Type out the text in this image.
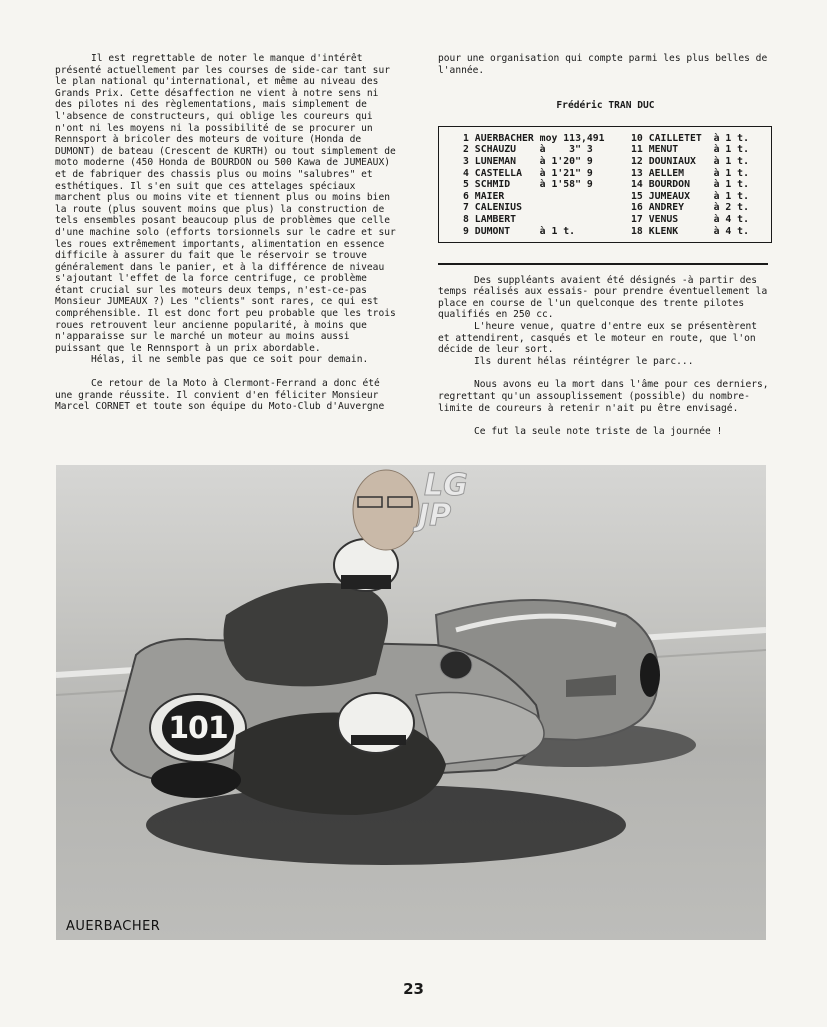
Il est regrettable de noter le manque d'intérêt présenté actuellement par les courses de side-car tant sur le plan national qu'international, et même au niveau des Grands Prix. Cette désaffection ne vient à notre sens ni des pilotes ni des règlementations, mais simplement de l'absence de constructeurs, qui oblige les coureurs qui n'ont ni les moyens ni la possibilité de se procurer un Rennsport à bricoler des moteurs de voiture (Honda de DUMONT) de bateau (Crescent de KURTH) ou tout simplement de moto moderne (450 Honda de BOURDON ou 500 Kawa de JUMEAUX) et de fabriquer des chassis plus ou moins "salubres" et esthétiques. Il s'en suit que ces attelages spéciaux marchent plus ou moins vite et tiennent plus ou moins bien la route (plus souvent moins que plus) la construction de tels ensembles posant beaucoup plus de problèmes que celle d'une machine solo (efforts torsionnels sur le cadre et sur les roues extrêmement importants, alimentation en essence difficile à assurer du fait que le réservoir se trouve généralement dans le panier, et à la différence de niveau s'ajoutant l'effet de la force centrifuge, ce problème étant crucial sur les moteurs deux temps, n'est-ce-pas Monsieur JUMEAUX ?) Les "clients" sont rares, ce qui est compréhensible. Il est donc fort peu probable que les trois roues retrouvent leur ancienne popularité, à moins que n'apparaisse sur le marché un moteur au moins aussi puissant que le Rennsport à un prix abordable.

Hélas, il ne semble pas que ce soit pour demain.

Ce retour de la Moto à Clermont-Ferrand a donc été une grande réussite. Il convient d'en féliciter Monsieur Marcel CORNET et toute son équipe du Moto-Club d'Auvergne

pour une organisation qui compte parmi les plus belles de l'année.

Frédéric TRAN DUC

1 AUERBACHER moy 113,491	10 CAILLETET  à 1 t.
2 SCHAUZU    à    3" 3	11 MENUT      à 1 t.
3 LUNEMAN    à 1'20" 9	12 DOUNIAUX   à 1 t.
4 CASTELLA   à 1'21" 9	13 AELLEM     à 1 t.
5 SCHMID     à 1'58" 9	14 BOURDON    à 1 t.
6 MAIER	15 JUMEAUX    à 1 t.
7 CALENIUS	16 ANDREY     à 2 t.
8 LAMBERT	17 VENUS      à 4 t.
9 DUMONT     à 1 t.	18 KLENK      à 4 t.

Des suppléants avaient été désignés -à partir des temps réalisés aux essais- pour prendre éventuellement la place en course de l'un quelconque des trente pilotes qualifiés en 250 cc.

L'heure venue, quatre d'entre eux se présentèrent et attendirent, casqués et le moteur en route, que l'on décide de leur sort.

Ils durent hélas réintégrer le parc...

Nous avons eu la mort dans l'âme pour ces derniers, regrettant qu'un assouplissement (possible) du nombre-limite de coureurs à retenir n'ait pu être envisagé.

Ce fut la seule note triste de la journée !

101
LG
JP
AUERBACHER
23
